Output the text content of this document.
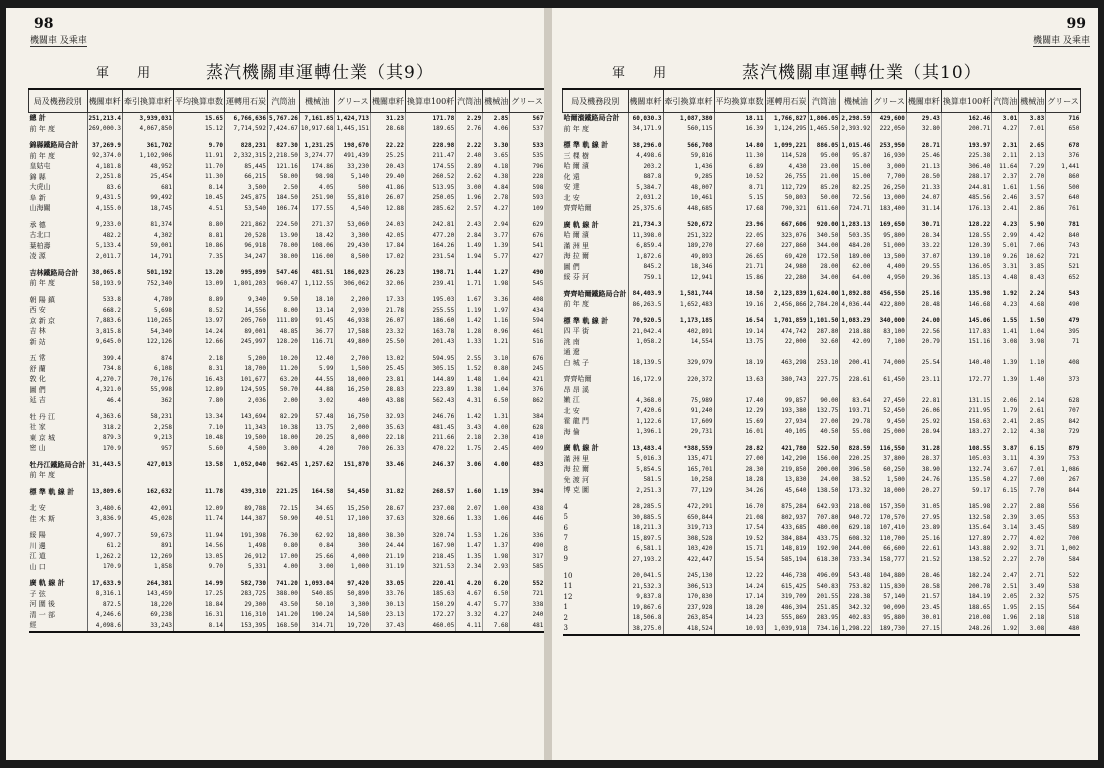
98
機關車 及乘車
軍 用	蒸汽機關車運轉仕業（其9）
局及機務段別	機關車粁	牽引換算車粁	平均換算車数	運轉用石炭	汽筒油	機械油	グリース	機關車粁	換算車100粁	汽筒油	機械油	グリース
總 計	251,213.4	3,939,031	15.65	6,766,636	5,767.26	7,161.85	1,424,713	31.23	171.78	2.29	2.85	567
前 年 度	269,000.3	4,067,850	15.12	7,714,592	7,424.67	10,917.68	1,445,151	28.68	189.65	2.76	4.06	537

錦縣鐵路局合計	37,269.9	361,702	9.70	828,231	827.30	1,231.25	198,670	22.22	228.98	2.22	3.30	533
前 年 度	92,374.0	1,102,906	11.91	2,332,315	2,218.50	3,274.77	491,439	25.25	211.47	2.40	3.65	535
皇姑屯	4,181.8	48,952	11.70	85,445	121.16	174.86	33,230	20.43	174.55	2.89	4.18	796
錦 縣	2,251.8	25,454	11.30	66,215	58.00	98.98	5,140	29.40	260.52	2.62	4.38	228
大虎山	83.6	681	8.14	3,500	2.50	4.05	500	41.86	513.95	3.00	4.84	598
阜 新	9,431.5	99,492	10.45	245,875	184.50	251.90	55,810	26.07	250.05	1.96	2.78	593
山海關	4,155.0	18,745	4.51	53,540	106.74	177.55	4,540	12.88	285.62	2.57	4.27	109

承 德	9,233.0	81,374	8.80	221,862	224.50	271.37	53,060	24.03	242.81	2.43	2.94	629
古北口	482.2	4,302	8.81	20,528	13.90	18.42	3,300	42.05	477.20	2.84	3.77	676
葉柏壽	5,133.4	59,001	10.86	96,918	78.00	108.06	29,430	17.84	164.26	1.49	1.39	541
凌 源	2,011.7	14,791	7.35	34,247	38.00	116.00	8,500	17.02	231.54	1.94	5.77	427

吉林鐵路局合計	38,065.8	501,192	13.20	995,899	547.46	481.51	186,023	26.23	198.71	1.44	1.27	490
前 年 度	58,193.9	752,340	13.09	1,801,203	960.47	1,112.55	306,062	32.06	239.41	1.71	1.98	545

朝 陽 鎮	533.8	4,789	8.89	9,340	9.50	18.10	2,200	17.33	195.03	1.67	3.36	408
西 安	668.2	5,698	8.52	14,556	8.00	13.14	2,930	21.78	255.55	1.19	1.97	434
京 新 京	7,883.6	110,265	13.97	205,760	111.89	91.45	46,938	26.07	186.60	1.42	1.16	594
吉 林	3,815.8	54,340	14.24	89,001	48.85	36.77	17,588	23.32	163.78	1.28	0.96	461
新 站	9,645.0	122,126	12.66	245,997	128.20	116.71	49,800	25.50	201.43	1.33	1.21	516

五 常	399.4	874	2.18	5,200	10.20	12.40	2,700	13.02	594.95	2.55	3.10	676
舒 蘭	734.8	6,108	8.31	18,700	11.20	5.99	1,500	25.45	305.15	1.52	0.80	245
敦 化	4,270.7	70,176	16.43	101,677	63.20	44.55	18,000	23.81	144.89	1.48	1.04	421
圖 們	4,321.0	55,998	12.89	124,595	50.70	44.88	16,250	28.83	223.89	1.38	1.04	376
延 吉	46.4	362	7.80	2,036	2.00	3.02	400	43.88	562.43	4.31	6.50	862

牡 丹 江	4,363.6	58,231	13.34	143,694	82.29	57.48	16,750	32.93	246.76	1.42	1.31	384
社 家	318.2	2,258	7.10	11,343	10.38	13.75	2,000	35.63	481.45	3.43	4.00	628
東 京 城	879.3	9,213	10.48	19,500	18.00	20.25	8,000	22.18	211.66	2.18	2.30	410
密 山	170.9	957	5.60	4,500	3.00	4.20	700	26.33	470.22	1.75	2.45	409

牡丹江鐵路局合計	31,443.5	427,013	13.58	1,052,040	962.45	1,257.62	151,870	33.46	246.37	3.06	4.00	483
前 年 度												

標 準 軌 線 計	13,809.6	162,632	11.78	439,310	221.25	164.58	54,450	31.82	268.57	1.60	1.19	394

北 安	3,480.6	42,091	12.09	89,788	72.15	34.65	15,250	28.67	237.08	2.07	1.00	438
佳 木 斯	3,836.9	45,028	11.74	144,387	50.90	40.51	17,100	37.63	320.66	1.33	1.06	446

綏 陽	4,997.7	59,673	11.94	191,398	76.30	62.92	18,800	38.30	320.74	1.53	1.26	336
川 邊	61.2	891	14.56	1,498	0.80	0.84	300	24.44	167.90	1.47	1.37	490
江 道	1,262.2	12,269	13.05	26,912	17.00	25.66	4,000	21.19	218.45	1.35	1.98	317
山 口	170.9	1,858	9.70	5,331	4.00	3.00	1,000	31.19	321.53	2.34	2.93	585

廣 軌 線 計	17,633.9	264,381	14.99	582,730	741.20	1,093.04	97,420	33.05	220.41	4.20	6.20	552
子 弦	8,316.1	143,459	17.25	283,725	388.00	540.85	50,890	33.76	185.63	4.67	6.50	721
河 圍 後	872.5	18,220	18.84	29,300	43.50	50.10	3,300	30.13	150.29	4.47	5.77	338
清 一 部	4,246.6	69,238	16.31	116,310	141.20	190.24	14,580	23.13	172.27	3.32	4.27	240
經	4,098.6	33,243	8.14	153,395	168.50	314.71	19,720	37.43	460.05	4.11	7.68	481
99
機關車 及乘車
軍 用	蒸汽機關車運轉仕業（其10）
局及機務段別	機關車粁	牽引換算車粁	平均換算車数	運轉用石炭	汽筒油	機械油	グリース	機關車粁	換算車100粁	汽筒油	機械油	グリース
哈爾濱鐵路局合計	60,030.3	1,087,380	18.11	1,766,827	1,806.05	2,298.59	429,600	29.43	162.46	3.01	3.83	716
前 年 度	34,171.9	560,115	16.39	1,124,295	1,465.50	2,393.92	222,050	32.80	200.71	4.27	7.01	650

標 準 軌 線 計	38,296.0	566,708	14.80	1,099,221	886.05	1,015.46	253,950	28.71	193.97	2.31	2.65	678
三 棵 樹	4,498.6	59,816	11.30	114,528	95.00	95.87	16,930	25.46	225.38	2.11	2.13	376
哈 爾 濱	203.2	1,436	6.89	4,430	23.00	15.00	3,000	21.13	306.40	11.64	7.29	1,441
化 遠	887.8	9,285	10.52	26,755	21.00	15.00	7,700	28.50	288.17	2.37	2.70	860
安 達	5,384.7	48,007	8.71	112,729	85.20	82.25	26,250	21.33	244.81	1.61	1.56	500
北 安	2,031.2	10,461	5.15	50,803	50.00	72.56	13,000	24.07	485.56	2.46	3.57	640
齊齊哈爾	25,375.6	448,685	17.68	790,321	611.60	724.71	183,400	31.14	176.13	2.41	2.86	761

廣 軌 線 計	21,734.3	520,672	23.96	667,606	920.00	1,283.13	169,650	30.71	128.22	4.23	5.90	781
哈 爾 濱	11,398.0	251,322	22.05	323,076	340.50	503.35	95,800	28.34	128.55	2.99	4.42	840
滿 洲 里	6,859.4	189,270	27.60	227,860	344.00	484.20	51,000	33.22	120.39	5.01	7.06	743
海 拉 爾	1,872.6	49,893	26.65	69,420	172.50	189.00	13,500	37.07	139.10	9.26	10.62	721
圖 們	845.2	18,346	21.71	24,980	28.00	62.00	4,400	29.55	136.05	3.31	3.85	521
綏 芬 河	759.1	12,941	15.86	22,280	34.00	64.00	4,950	29.36	185.13	4.48	8.43	652

齊齊哈爾鐵路局合計	84,403.9	1,581,744	18.50	2,123,839	1,624.00	1,892.88	456,550	25.16	135.98	1.92	2.24	543
前 年 度	86,263.5	1,652,483	19.16	2,456,866	2,784.20	4,036.44	422,800	28.48	146.68	4.23	4.68	490

標 準 軌 線 計	70,920.5	1,173,185	16.54	1,701,859	1,101.50	1,083.29	340,000	24.00	145.06	1.55	1.50	479
四 平 街	21,042.4	402,891	19.14	474,742	287.80	218.88	83,100	22.56	117.83	1.41	1.04	395
洮 南	1,058.2	14,554	13.75	22,000	32.60	42.09	7,100	20.79	151.16	3.08	3.98	71
通 遼												
白 城 子	18,139.5	329,979	18.19	463,298	253.10	200.41	74,000	25.54	140.40	1.39	1.10	408

齊齊哈爾	16,172.9	220,372	13.63	380,743	227.75	228.61	61,450	23.11	172.77	1.39	1.40	373
昂 昂 溪												
嫩 江	4,368.0	75,989	17.40	99,857	90.00	83.64	27,450	22.81	131.15	2.06	2.14	628
北 安	7,420.6	91,240	12.29	193,380	132.75	193.71	52,450	26.06	211.95	1.79	2.61	707
霍 龍 門	1,122.6	17,609	15.69	27,934	27.00	29.78	9,450	25.92	158.63	2.41	2.85	842
海 倫	1,396.1	29,731	16.01	40,105	40.50	55.08	25,000	28.94	183.27	2.12	4.38	729

廣 軌 線 計	13,483.4	*388,559	28.82	421,780	522.50	828.59	116,550	31.28	108.55	3.87	6.15	879
滿 洲 里	5,016.3	135,471	27.00	142,290	156.00	220.25	37,800	28.37	105.03	3.11	4.39	753
海 拉 爾	5,854.5	165,701	28.30	219,850	200.00	396.50	60,250	38.90	132.74	3.67	7.01	1,086
免 渡 河	581.5	10,258	18.28	13,830	24.00	38.52	1,500	24.76	135.50	4.27	7.00	267
博 克 圖	2,251.3	77,129	34.26	45,640	138.50	173.32	18,000	20.27	59.17	6.15	7.70	844

4	28,285.5	472,291	16.70	875,284	642.93	218.08	157,350	31.05	185.98	2.27	2.88	556
5	30,885.5	650,844	21.08	802,937	707.80	940.72	170,570	27.95	132.58	2.39	3.05	553
6	18,211.3	319,713	17.54	433,685	480.00	629.18	107,410	23.89	135.64	3.14	3.45	589
7	15,897.5	308,528	19.52	384,884	433.75	608.32	110,700	25.16	127.89	2.77	4.02	700
8	6,581.1	103,420	15.71	148,819	192.90	244.00	66,600	22.61	143.88	2.92	3.71	1,002
9	27,193.2	422,447	15.54	585,194	618.30	733.34	158,777	21.52	138.52	2.27	2.70	584

10	20,041.5	245,130	12.22	446,738	496.09	543.48	104,880	28.46	182.24	2.47	2.71	522
11	21,532.3	306,513	14.24	615,425	540.83	753.82	115,830	28.58	200.78	2.51	3.49	538
12	9,837.8	170,830	17.14	319,709	201.55	228.38	57,140	21.57	184.19	2.05	2.32	575
1	19,867.6	237,928	18.20	486,394	251.85	342.32	90,090	23.45	188.65	1.95	2.15	564
2	18,506.8	263,854	14.23	555,869	283.95	402.83	95,880	30.01	210.08	1.96	2.18	518
3	38,275.0	418,524	10.93	1,039,918	734.16	1,298.22	189,730	27.15	248.26	1.92	3.08	480
